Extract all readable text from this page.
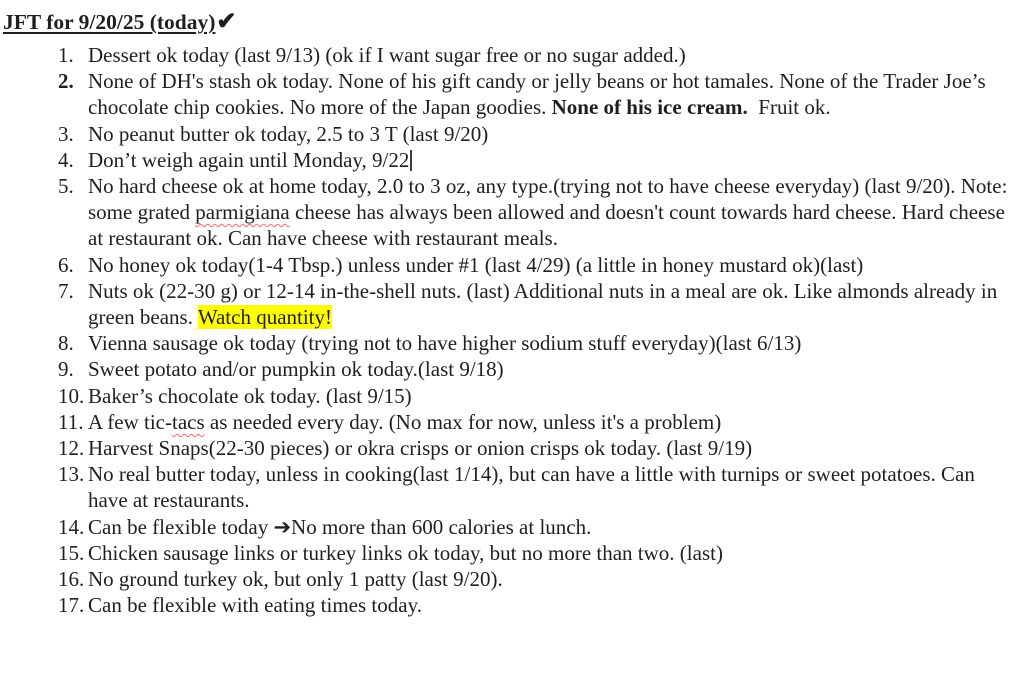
JFT for 9/20/25 (today)✔
1. Dessert ok today (last 9/13) (ok if I want sugar free or no sugar added.)
2. None of DH's stash ok today. None of his gift candy or jelly beans or hot tamales. None of the Trader Joe’s chocolate chip cookies. No more of the Japan goodies. None of his ice cream.  Fruit ok.
3. No peanut butter ok today, 2.5 to 3 T (last 9/20)
4. Don’t weigh again until Monday, 9/22
5. No hard cheese ok at home today, 2.0 to 3 oz, any type.(trying not to have cheese everyday) (last 9/20). Note: some grated parmigiana cheese has always been allowed and doesn't count towards hard cheese. Hard cheese at restaurant ok. Can have cheese with restaurant meals.
6. No honey ok today(1-4 Tbsp.) unless under #1 (last 4/29) (a little in honey mustard ok)(last)
7. Nuts ok (22-30 g) or 12-14 in-the-shell nuts. (last) Additional nuts in a meal are ok. Like almonds already in green beans. Watch quantity!
8. Vienna sausage ok today (trying not to have higher sodium stuff everyday)(last 6/13)
9. Sweet potato and/or pumpkin ok today.(last 9/18)
10. Baker’s chocolate ok today. (last 9/15)
11. A few tic-tacs as needed every day. (No max for now, unless it's a problem)
12. Harvest Snaps(22-30 pieces) or okra crisps or onion crisps ok today. (last 9/19)
13. No real butter today, unless in cooking(last 1/14), but can have a little with turnips or sweet potatoes. Can have at restaurants.
14. Can be flexible today ➔No more than 600 calories at lunch.
15. Chicken sausage links or turkey links ok today, but no more than two. (last)
16. No ground turkey ok, but only 1 patty (last 9/20).
17. Can be flexible with eating times today.
